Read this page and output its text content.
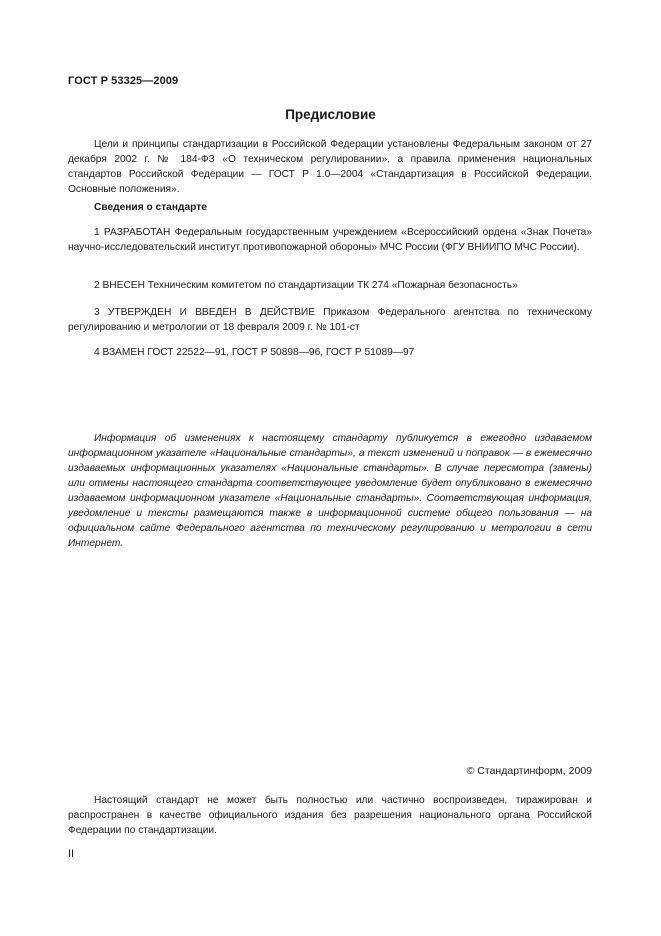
ГОСТ Р 53325—2009
Предисловие

Цели и принципы стандартизации в Российской Федерации установлены Федеральным законом от 27 декабря 2002 г. № 184-ФЗ «О техническом регулировании», а правила применения национальных стандартов Российской Федерации — ГОСТ Р 1.0—2004 «Стандартизация в Российской Федерации. Основные положения».

Сведения о стандарте

1 РАЗРАБОТАН Федеральным государственным учреждением «Всероссийский ордена «Знак Почета» научно-исследовательский институт противопожарной обороны» МЧС России (ФГУ ВНИИПО МЧС России).

2 ВНЕСЕН Техническим комитетом по стандартизации ТК 274 «Пожарная безопасность»

3 УТВЕРЖДЕН И ВВЕДЕН В ДЕЙСТВИЕ Приказом Федерального агентства по техническому регулированию и метрологии от 18 февраля 2009 г. № 101-ст

4 ВЗАМЕН ГОСТ 22522—91, ГОСТ Р 50898—96, ГОСТ Р 51089—97

Информация об изменениях к настоящему стандарту публикуется в ежегодно издаваемом информационном указателе «Национальные стандарты», а текст изменений и поправок — в ежемесячно издаваемых информационных указателях «Национальные стандарты». В случае пересмотра (замены) или отмены настоящего стандарта соответствующее уведомление будет опубликовано в ежемесячно издаваемом информационном указателе «Национальные стандарты». Соответствующая информация, уведомление и тексты размещаются также в информационной системе общего пользования — на официальном сайте Федерального агентства по техническому регулированию и метрологии в сети Интернет.

© Стандартинформ, 2009

Настоящий стандарт не может быть полностью или частично воспроизведен, тиражирован и распространен в качестве официального издания без разрешения национального органа Российской Федерации по стандартизации.

II
